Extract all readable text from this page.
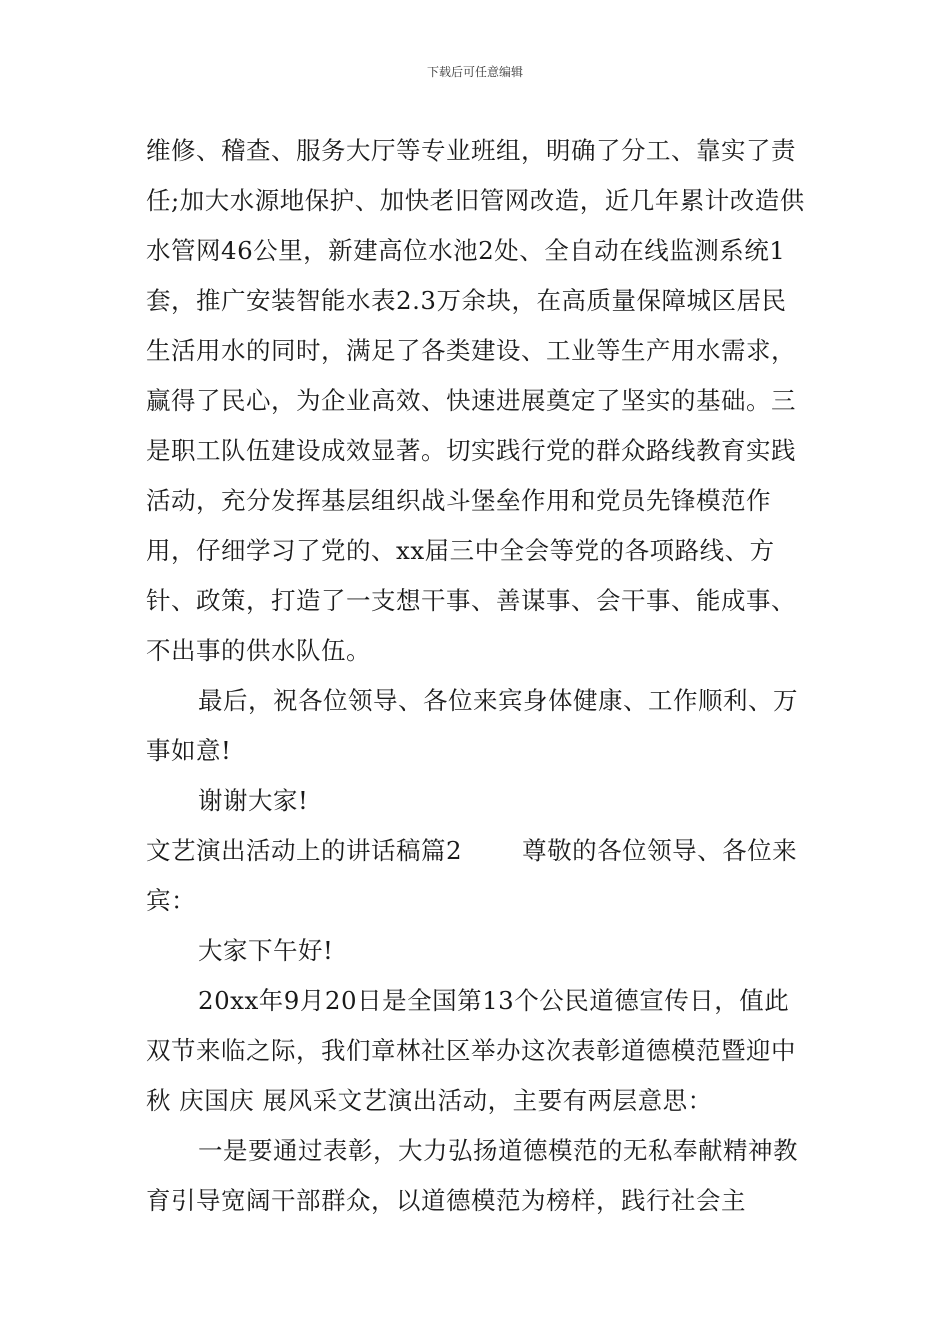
下载后可任意编辑

维修、稽查、服务大厅等专业班组，明确了分工、靠实了责任;加大水源地保护、加快老旧管网改造，近几年累计改造供水管网46公里，新建高位水池2处、全自动在线监测系统1套，推广安装智能水表2.3万余块，在高质量保障城区居民生活用水的同时，满足了各类建设、工业等生产用水需求，赢得了民心，为企业高效、快速进展奠定了坚实的基础。三是职工队伍建设成效显著。切实践行党的群众路线教育实践活动，充分发挥基层组织战斗堡垒作用和党员先锋模范作用，仔细学习了党的、xx届三中全会等党的各项路线、方针、政策，打造了一支想干事、善谋事、会干事、能成事、不出事的供水队伍。

最后，祝各位领导、各位来宾身体健康、工作顺利、万事如意!

谢谢大家!

文艺演出活动上的讲话稿篇2 尊敬的各位领导、各位来宾：

大家下午好!

20xx年9月20日是全国第13个公民道德宣传日，值此双节来临之际，我们章林社区举办这次表彰道德模范暨迎中秋 庆国庆 展风采文艺演出活动，主要有两层意思：

一是要通过表彰，大力弘扬道德模范的无私奉献精神教育引导宽阔干部群众，以道德模范为榜样，践行社会主
